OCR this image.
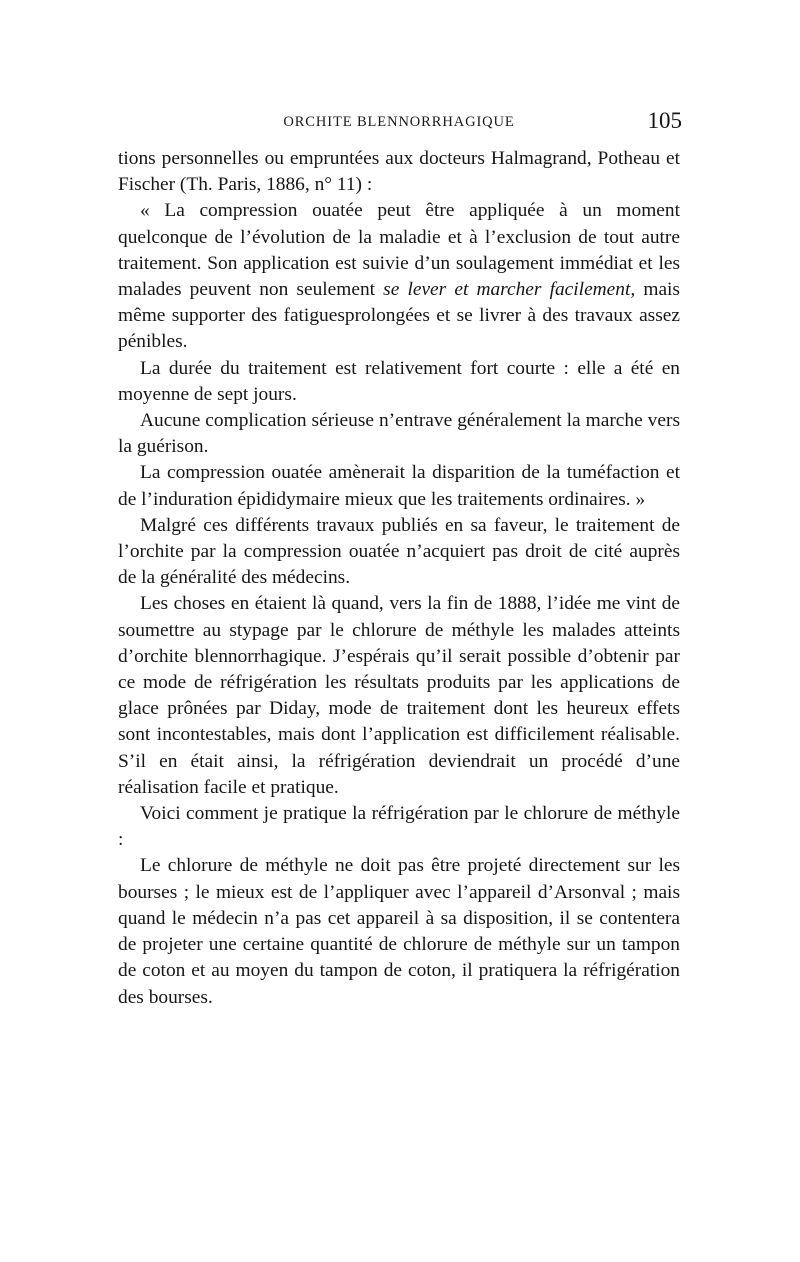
ORCHITE BLENNORRHAGIQUE	105

tions personnelles ou empruntées aux docteurs Halmagrand, Potheau et Fischer (Th. Paris, 1886, n° 11) :

« La compression ouatée peut être appliquée à un moment quelconque de l’évolution de la maladie et à l’exclusion de tout autre traitement. Son application est suivie d’un soulagement immédiat et les malades peuvent non seulement se lever et marcher facilement, mais même supporter des fatiguesprolongées et se livrer à des travaux assez pénibles.

La durée du traitement est relativement fort courte : elle a été en moyenne de sept jours.

Aucune complication sérieuse n’entrave généralement la marche vers la guérison.

La compression ouatée amènerait la disparition de la tuméfaction et de l’induration épididymaire mieux que les traitements ordinaires. »

Malgré ces différents travaux publiés en sa faveur, le traitement de l’orchite par la compression ouatée n’acquiert pas droit de cité auprès de la généralité des médecins.

Les choses en étaient là quand, vers la fin de 1888, l’idée me vint de soumettre au stypage par le chlorure de méthyle les malades atteints d’orchite blennorrhagique. J’espérais qu’il serait possible d’obtenir par ce mode de réfrigération les résultats produits par les applications de glace prônées par Diday, mode de traitement dont les heureux effets sont incontestables, mais dont l’application est difficilement réalisable. S’il en était ainsi, la réfrigération deviendrait un procédé d’une réalisation facile et pratique.

Voici comment je pratique la réfrigération par le chlorure de méthyle :

Le chlorure de méthyle ne doit pas être projeté directement sur les bourses ; le mieux est de l’appliquer avec l’appareil d’Arsonval ; mais quand le médecin n’a pas cet appareil à sa disposition, il se contentera de projeter une certaine quantité de chlorure de méthyle sur un tampon de coton et au moyen du tampon de coton, il pratiquera la réfrigération des bourses.
